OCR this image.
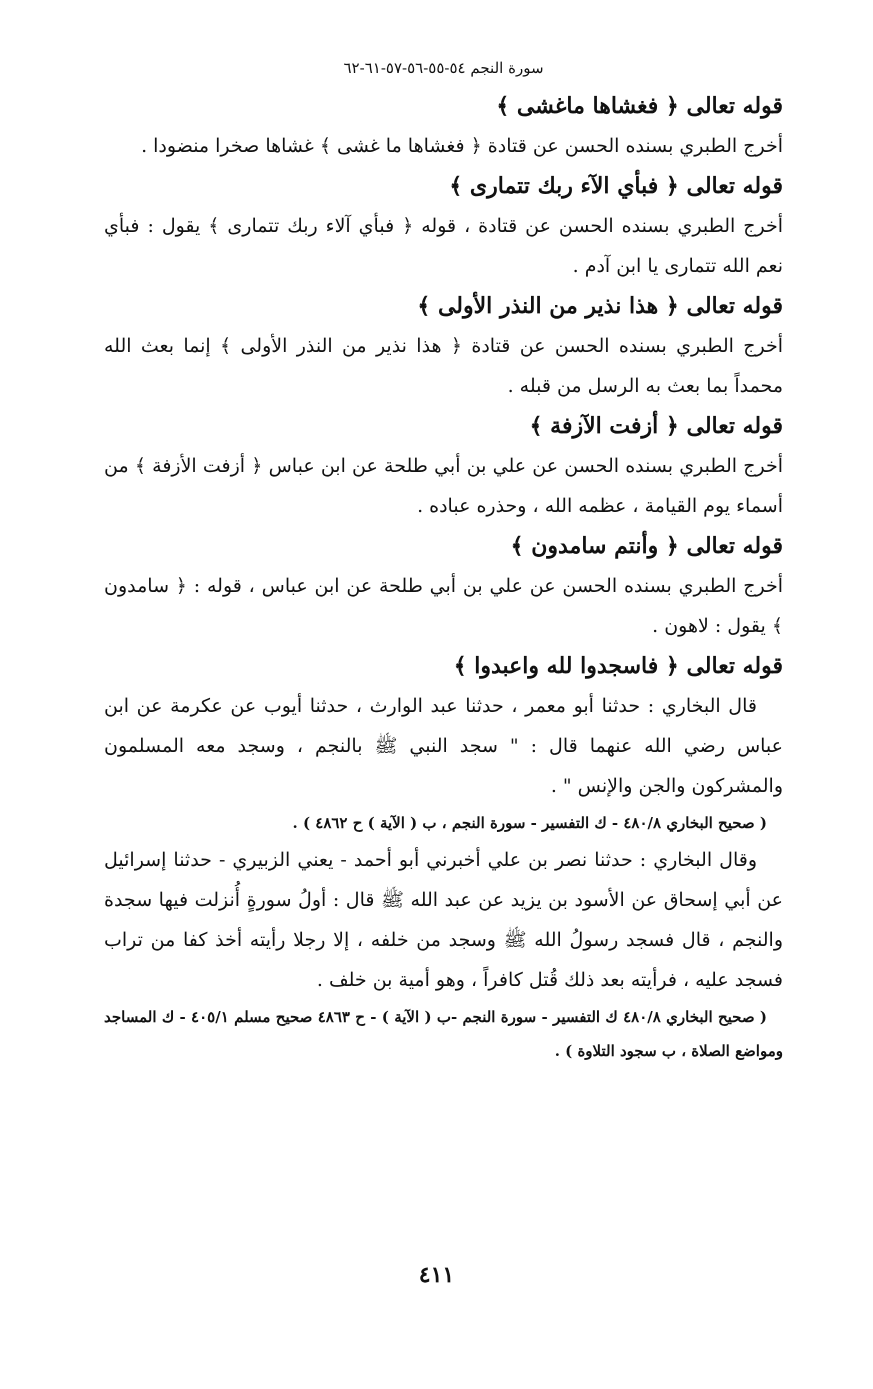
سورة النجم ٥٤-٥٥-٥٦-٥٧-٦١-٦٢
قوله تعالى ﴿ فغشاها ماغشى ﴾
أخرج الطبري بسنده الحسن عن قتادة ﴿ فغشاها ما غشى ﴾ غشاها صخرا منضودا .
قوله تعالى ﴿ فبأي الآء ربك تتمارى ﴾
أخرج الطبري بسنده الحسن عن قتادة ، قوله ﴿ فبأي آلاء ربك تتمارى ﴾ يقول : فبأي نعم الله تتمارى يا ابن آدم .
قوله تعالى ﴿ هذا نذير من النذر الأولى ﴾
أخرج الطبري بسنده الحسن عن قتادة ﴿ هذا نذير من النذر الأولى ﴾ إنما بعث الله محمداً بما بعث به الرسل من قبله .
قوله تعالى ﴿ أزفت الآزفة ﴾
أخرج الطبري بسنده الحسن عن علي بن أبي طلحة عن ابن عباس ﴿ أزفت الأزفة ﴾ من أسماء يوم القيامة ، عظمه الله ، وحذره عباده .
قوله تعالى ﴿ وأنتم سامدون ﴾
أخرج الطبري بسنده الحسن عن علي بن أبي طلحة عن ابن عباس ، قوله : ﴿ سامدون ﴾ يقول : لاهون .
قوله تعالى ﴿ فاسجدوا لله واعبدوا ﴾
قال البخاري : حدثنا أبو معمر ، حدثنا عبد الوارث ، حدثنا أيوب عن عكرمة عن ابن عباس رضي الله عنهما قال : " سجد النبي ﷺ بالنجم ، وسجد معه المسلمون والمشركون والجن والإنس " .
( صحيح البخاري ٤٨٠/٨ - ك التفسير - سورة النجم ، ب ( الآية ) ح ٤٨٦٢ ) .
وقال البخاري : حدثنا نصر بن علي أخبرني أبو أحمد - يعني الزبيري - حدثنا إسرائيل عن أبي إسحاق عن الأسود بن يزيد عن عبد الله ﷺ قال : أولُ سورةٍ أُنزلت فيها سجدة والنجم ، قال فسجد رسولُ الله ﷺ وسجد من خلفه ، إلا رجلا رأيته أخذ كفا من تراب فسجد عليه ، فرأيته بعد ذلك قُتل كافراً ، وهو أمية بن خلف .
( صحيح البخاري ٤٨٠/٨ ك التفسير - سورة النجم -ب ( الآية ) - ح ٤٨٦٣ صحيح مسلم ٤٠٥/١ - ك المساجد ومواضع الصلاة ، ب سجود التلاوة ) .
٤١١
